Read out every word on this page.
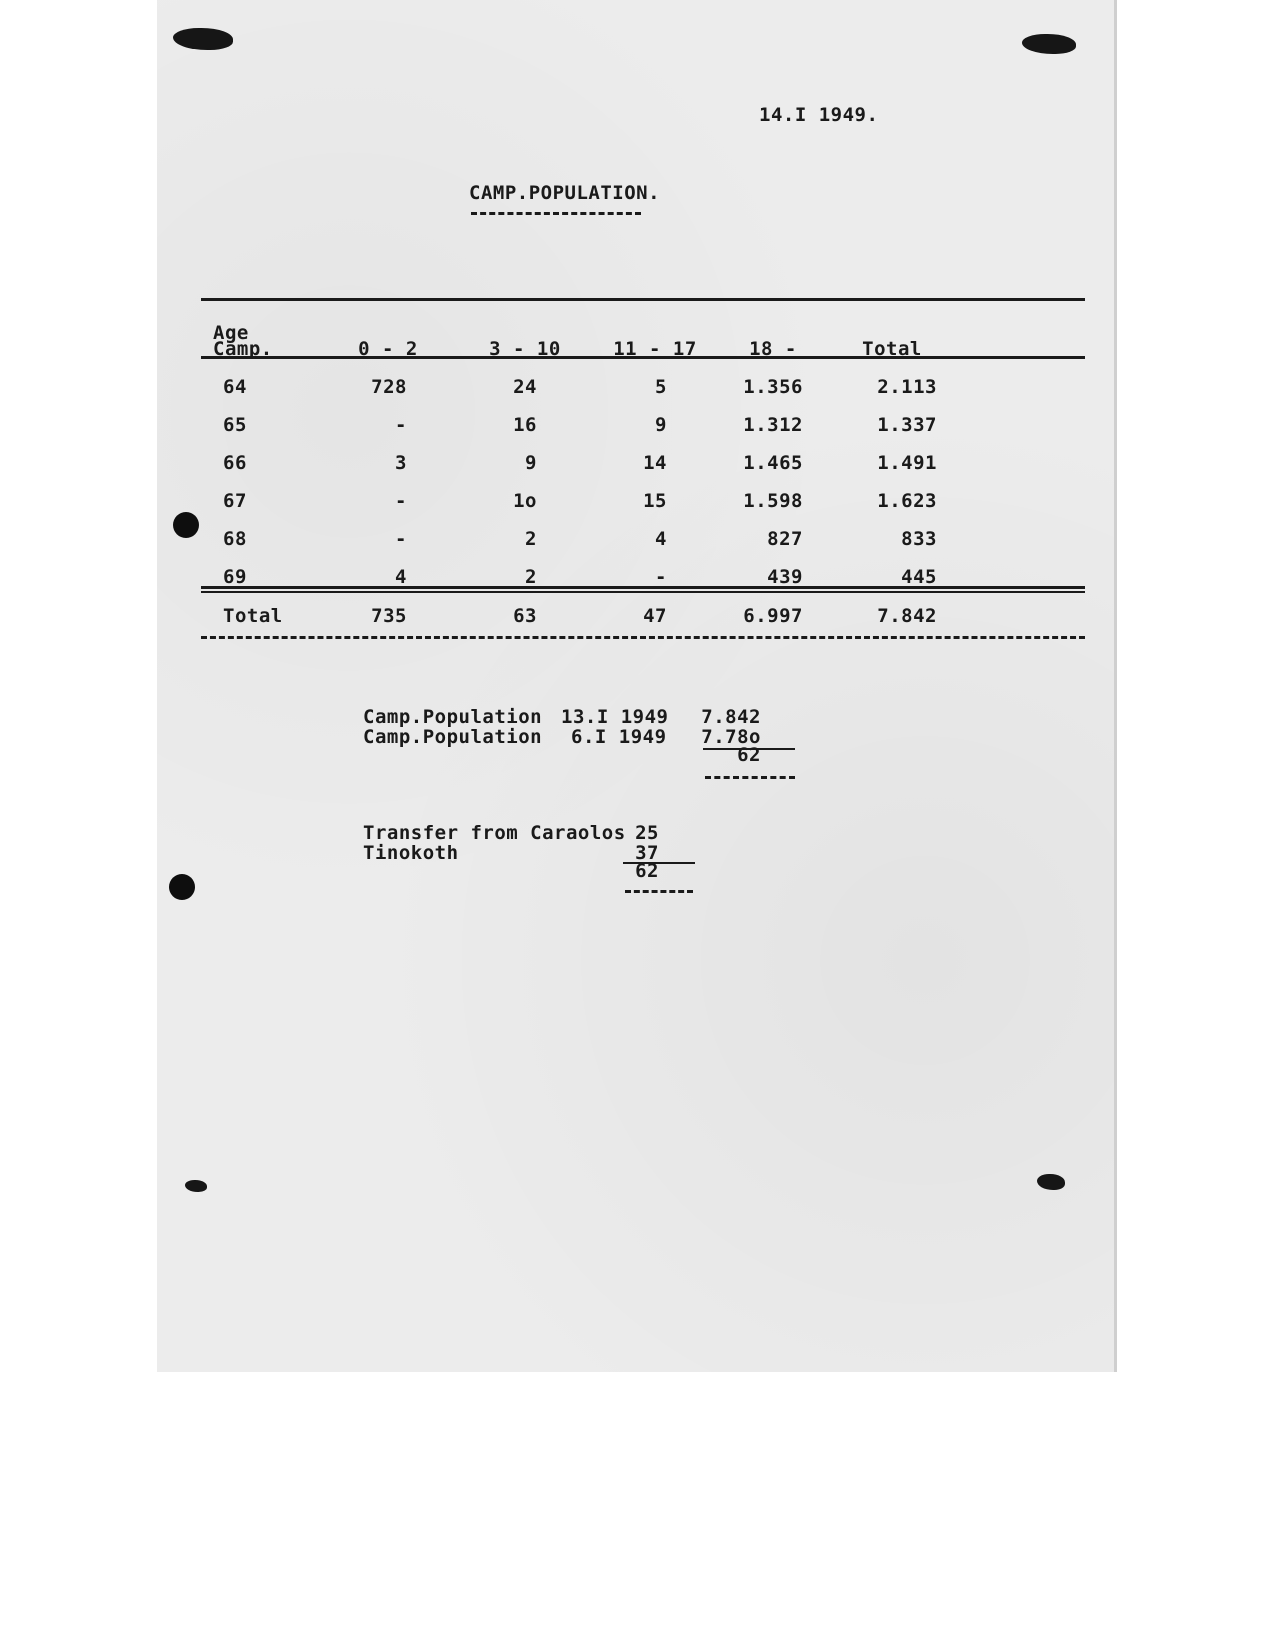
14.I 1949.
CAMP.POPULATION.
Age
Camp.	0 - 2	3 - 10	11 - 17	18 -	Total
64	728	24	5	1.356	2.113
65	-	16	9	1.312	1.337
66	3	9	14	1.465	1.491
67	-	1o	15	1.598	1.623
68	-	2	4	827	833
69	4	2	-	439	445
Total	735	63	47	6.997	7.842
Camp.Population 13.I 1949	7.842
Camp.Population 6.I 1949	7.78o
62
Transfer from Caraolos 25
Tinokoth	37
62
